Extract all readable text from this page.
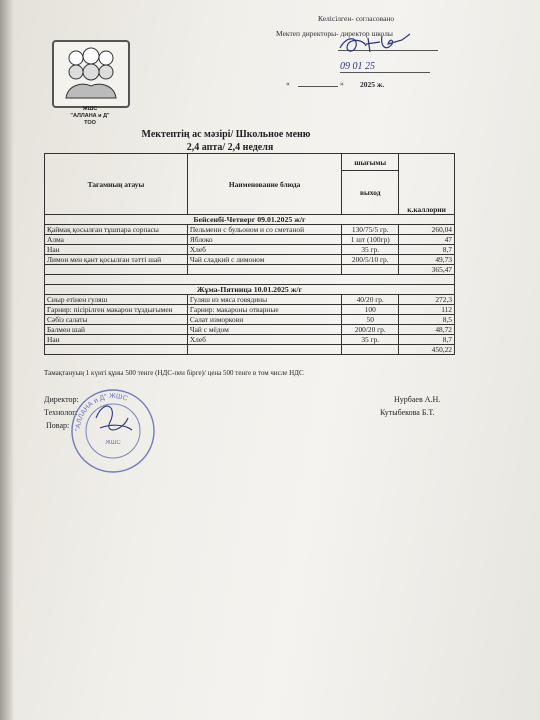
Келісілген- согласовано
Мектеп директоры- директор школы
«	»
09 01 25
2025 ж.
ЖШС
"АЛЛАНА и Д"
ТОО
Мектептің ас мәзірі/ Школьное меню
2,4 апта/ 2,4 неделя
Тағамның атауы	Наименование блюда	шығымы	к.каллории
		выход	
Бейсенбі-Четверг 09.01.2025 ж/г			
Қаймақ қосылған тұшпара сорпасы	Пельмени с бульоном и со сметаной	130/75/5 гр.	260,04
Алма	Яблоко	1 шт (100гр)	47
Нан	Хлеб	35 гр.	8,7
Лимон мен қант қосылған тәтті шай	Чай сладкий с лимоном	200/5/10 гр.	49,73
			365,47

Жұма-Пятница 10.01.2025 ж/г			
Сиыр етінен гуляш	Гуляш из мяса говядины	40/20 гр.	272,3
Гарнир: пісірілген макарон тұздығымен	Гарнир: макароны отварные	100	112
Сәбіз салаты	Салат изморкови	50	8,5
Балмен шай	Чай с мёдом	200/20 гр.	48,72
Нан	Хлеб	35 гр.	8,7
			450,22
Тамақтануың 1 күнгі құны 500 тенге (НДС-пен бірге)/ цена 500 тенге в том числе НДС
Директор:	Нурбаев А.Н.
Технолог:	Кутыбекова Б.Т.
Повар: "АЛЛАНА и Д" ЖШС
ЖШС
